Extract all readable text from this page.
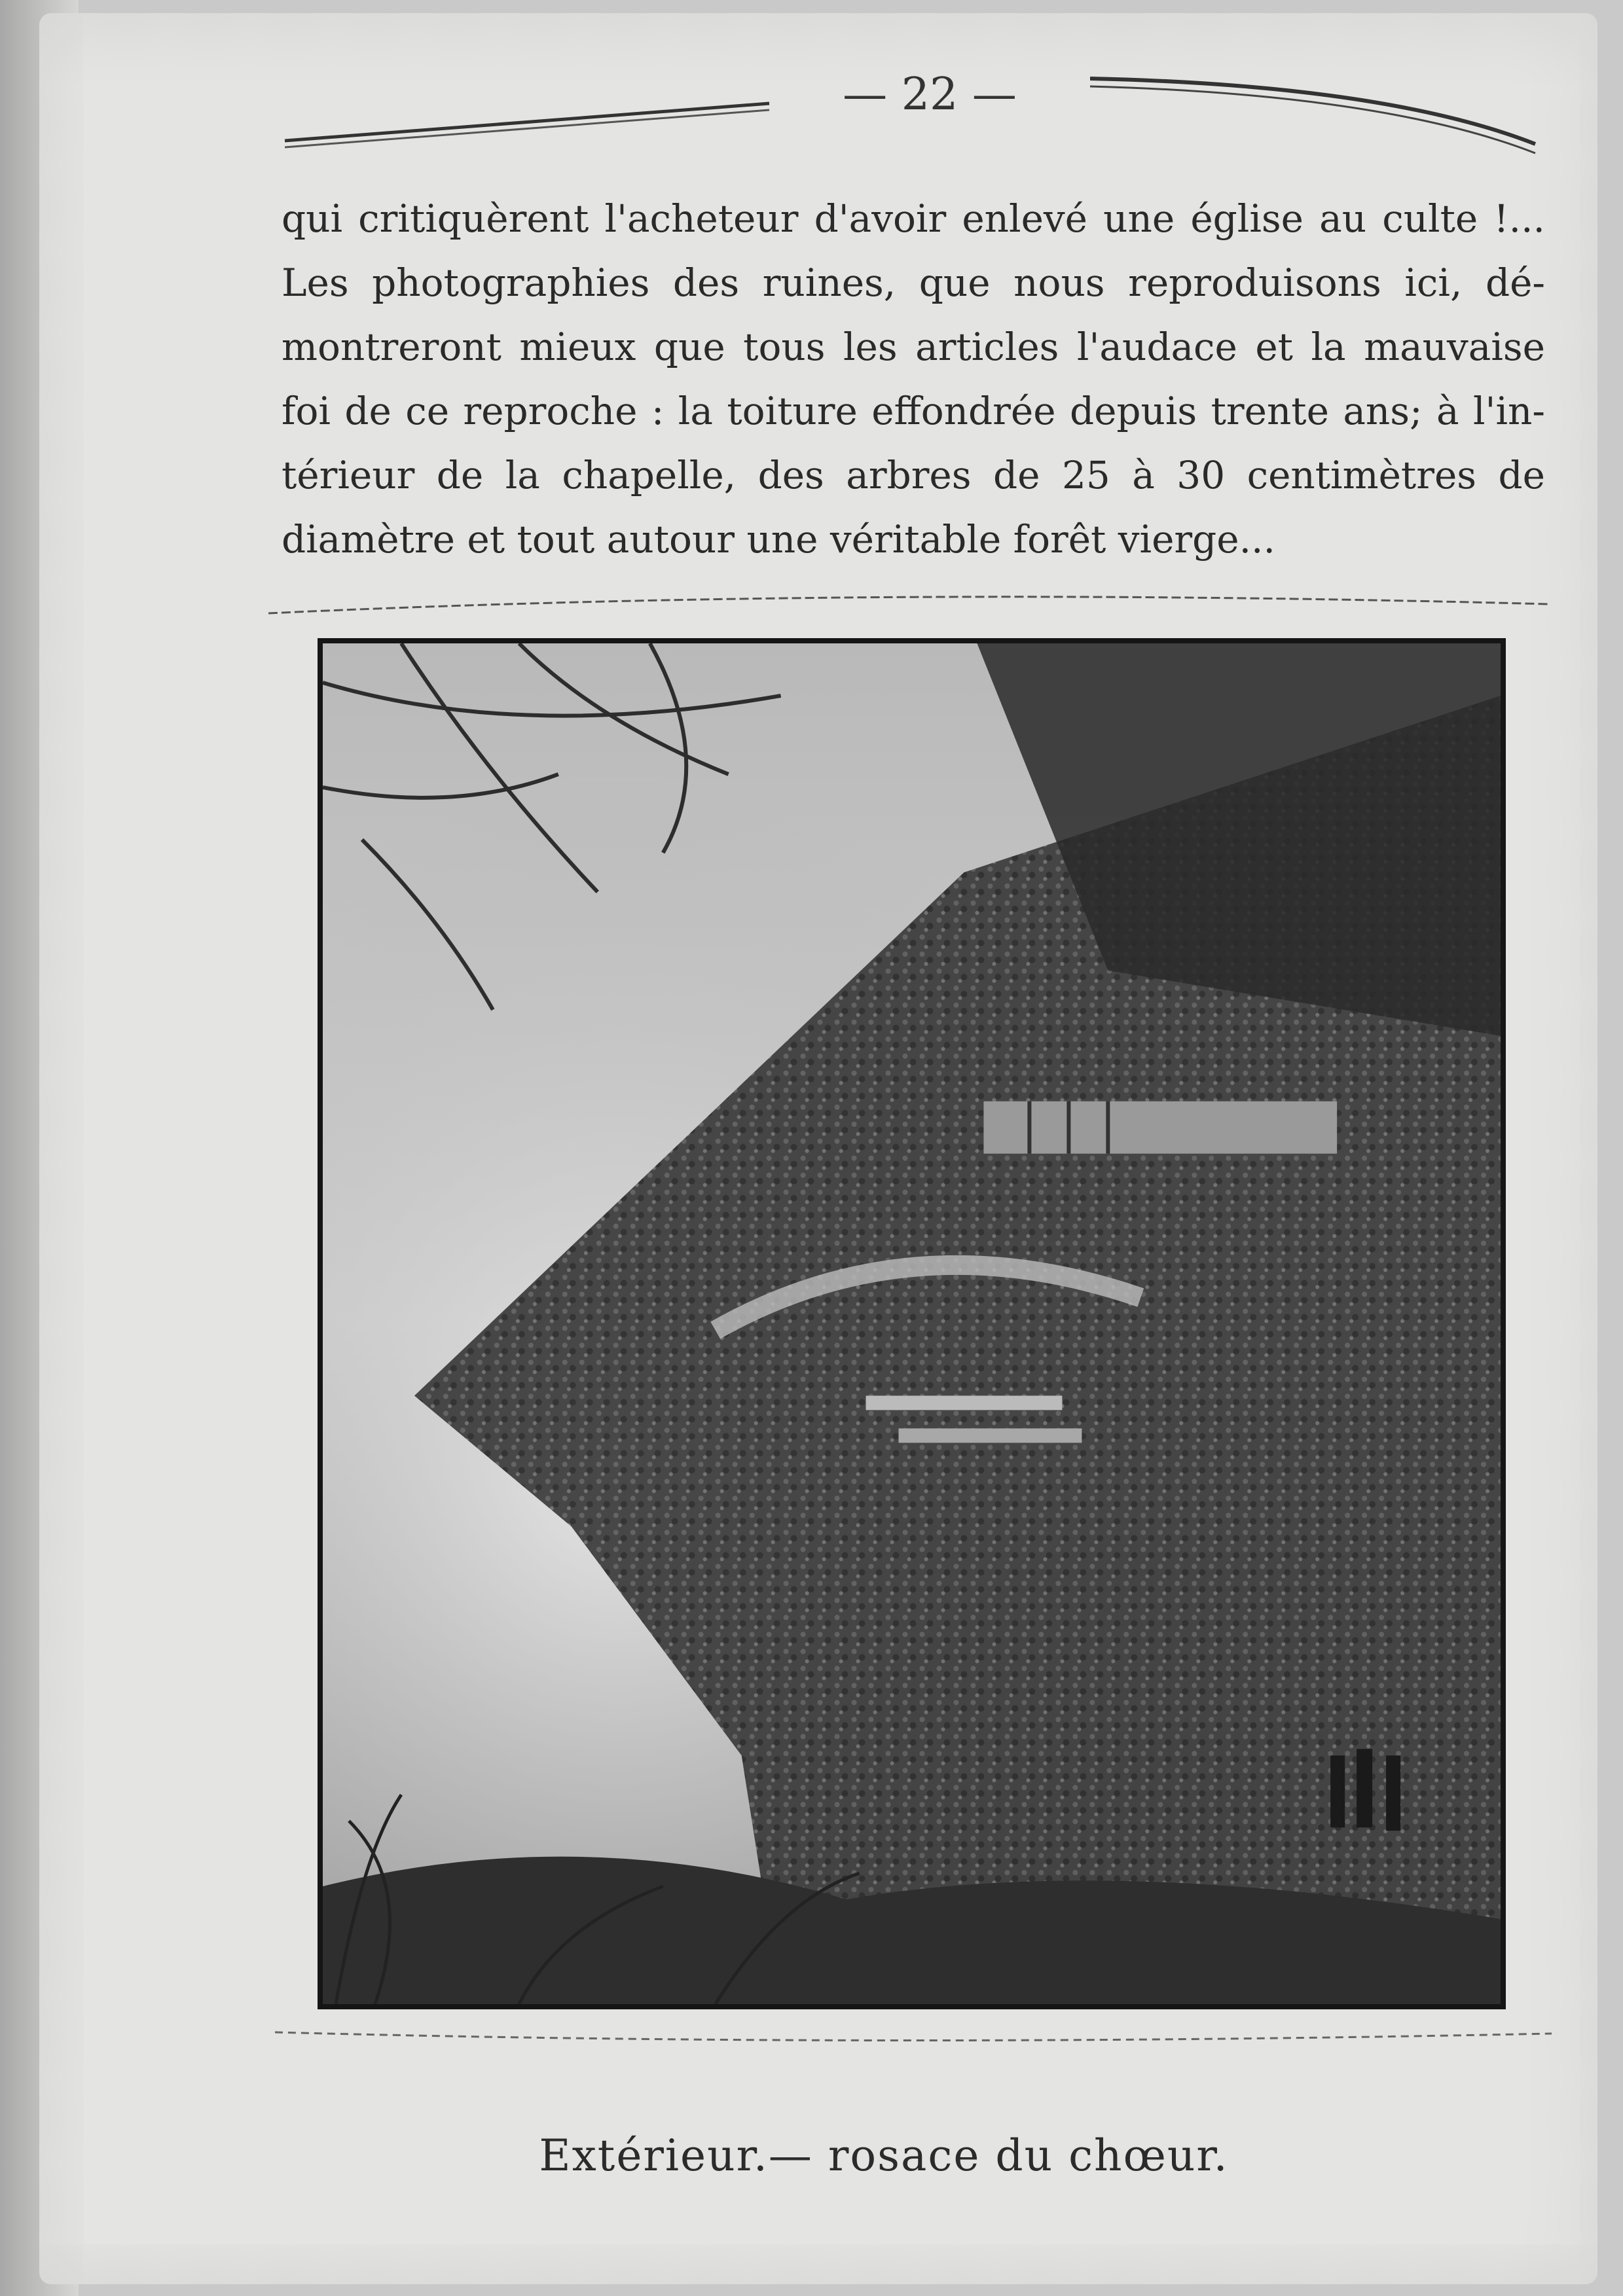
— 22 —
qui critiquèrent l'acheteur d'avoir enlevé une église au culte !...
Les photographies des ruines, que nous reproduisons ici, dé-
montreront mieux que tous les articles l'audace et la mauvaise
foi de ce reproche : la toiture effondrée depuis trente ans; à l'in-
térieur de la chapelle, des arbres de 25 à 30 centimètres de
diamètre et tout autour une véritable forêt vierge...
Extérieur.— rosace du chœur.
